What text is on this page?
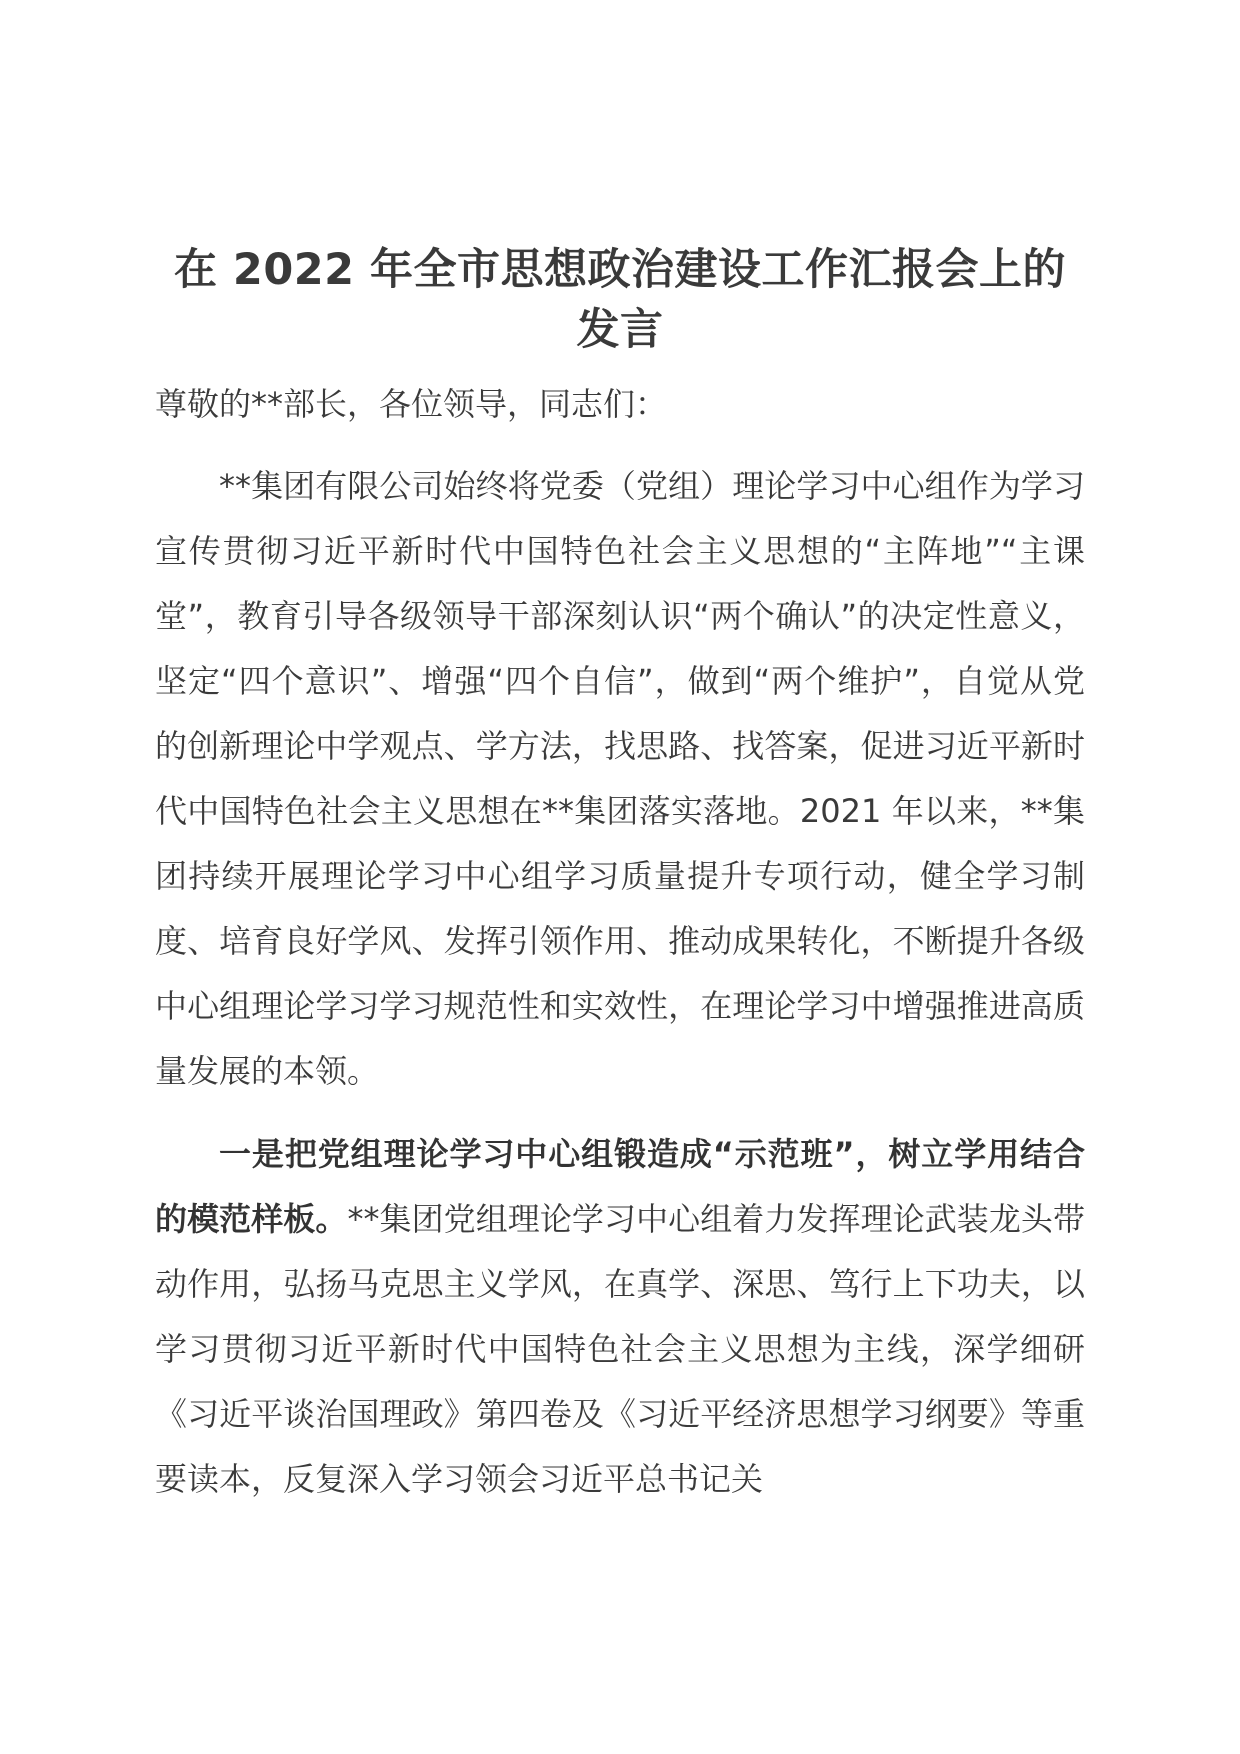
在 2022 年全市思想政治建设工作汇报会上的发言

尊敬的**部长，各位领导，同志们：

**集团有限公司始终将党委（党组）理论学习中心组作为学习宣传贯彻习近平新时代中国特色社会主义思想的“主阵地”“主课堂”，教育引导各级领导干部深刻认识“两个确认”的决定性意义，坚定“四个意识”、增强“四个自信”，做到“两个维护”，自觉从党的创新理论中学观点、学方法，找思路、找答案，促进习近平新时代中国特色社会主义思想在**集团落实落地。2021 年以来，**集团持续开展理论学习中心组学习质量提升专项行动，健全学习制度、培育良好学风、发挥引领作用、推动成果转化，不断提升各级中心组理论学习学习规范性和实效性，在理论学习中增强推进高质量发展的本领。

一是把党组理论学习中心组锻造成“示范班”，树立学用结合的模范样板。**集团党组理论学习中心组着力发挥理论武装龙头带动作用，弘扬马克思主义学风，在真学、深思、笃行上下功夫，以学习贯彻习近平新时代中国特色社会主义思想为主线，深学细研《习近平谈治国理政》第四卷及《习近平经济思想学习纲要》等重要读本，反复深入学习领会习近平总书记关
